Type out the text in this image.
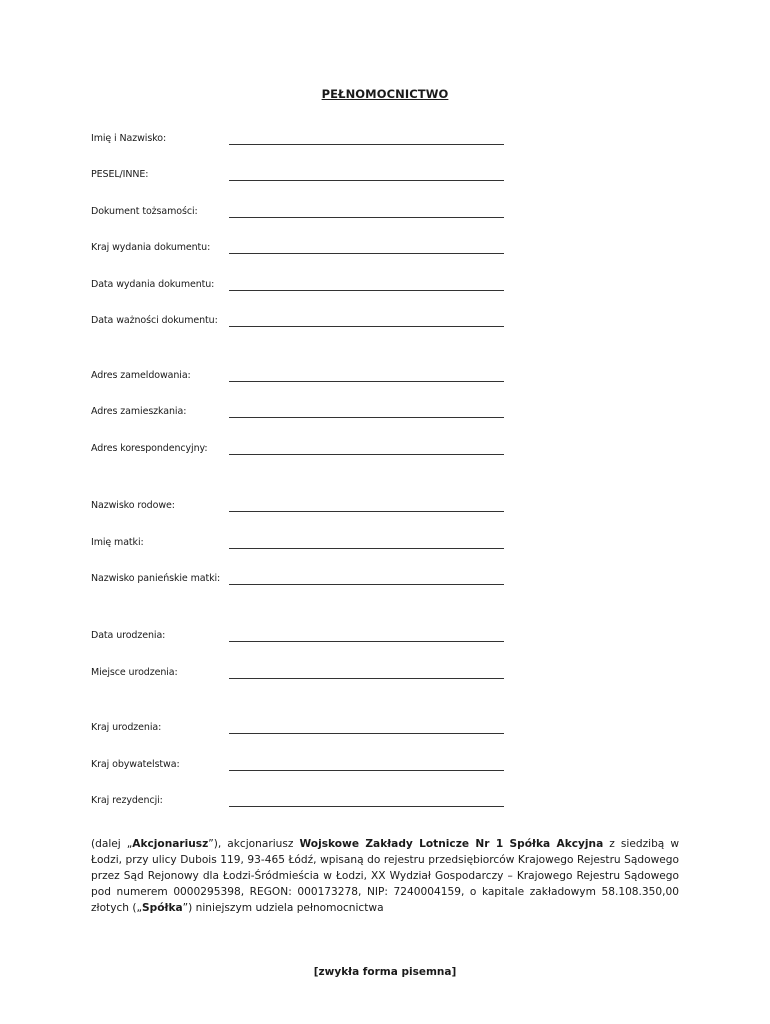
PEŁNOMOCNICTWO
Imię i Nazwisko:
PESEL/INNE:
Dokument tożsamości:
Kraj wydania dokumentu:
Data wydania dokumentu:
Data ważności dokumentu:
Adres zameldowania:
Adres zamieszkania:
Adres korespondencyjny:
Nazwisko rodowe:
Imię matki:
Nazwisko panieńskie matki:
Data urodzenia:
Miejsce urodzenia:
Kraj urodzenia:
Kraj obywatelstwa:
Kraj rezydencji:

(dalej „Akcjonariusz”), akcjonariusz Wojskowe Zakłady Lotnicze Nr 1 Spółka Akcyjna z siedzibą w Łodzi, przy ulicy Dubois 119, 93-465 Łódź, wpisaną do rejestru przedsiębiorców Krajowego Rejestru Sądowego przez Sąd Rejonowy dla Łodzi-Śródmieścia w Łodzi, XX Wydział Gospodarczy – Krajowego Rejestru Sądowego pod numerem 0000295398, REGON: 000173278, NIP: 7240004159, o kapitale zakładowym 58.108.350,00 złotych („Spółka”) niniejszym udziela pełnomocnictwa

[zwykła forma pisemna]
